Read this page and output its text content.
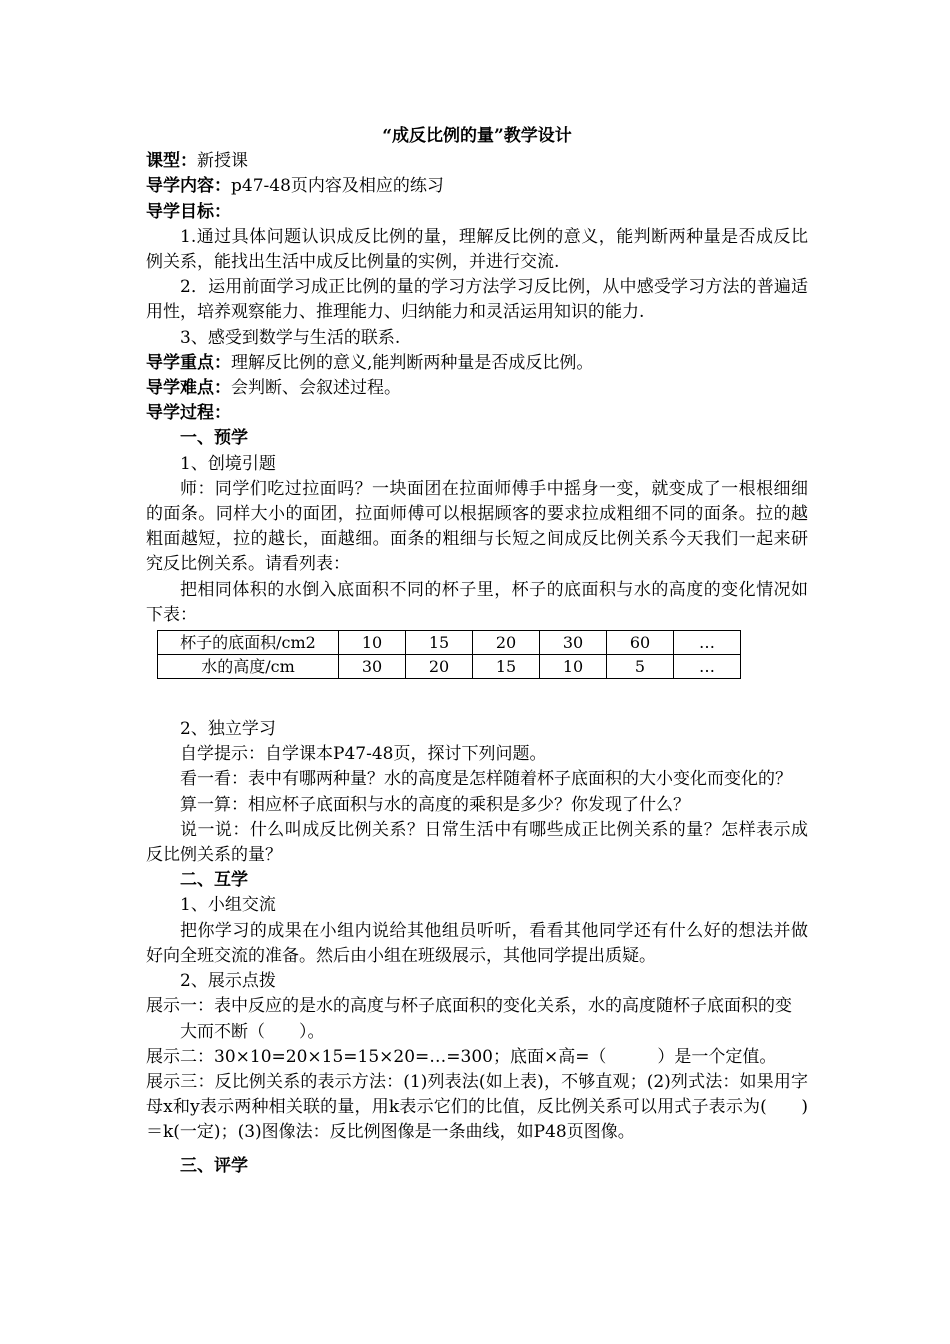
“成反比例的量”教学设计
课型：新授课
导学内容：p47-48页内容及相应的练习
导学目标：
1.通过具体问题认识成反比例的量，理解反比例的意义，能判断两种量是否成反比例关系，能找出生活中成反比例量的实例，并进行交流.
2．运用前面学习成正比例的量的学习方法学习反比例，从中感受学习方法的普遍适用性，培养观察能力、推理能力、归纳能力和灵活运用知识的能力.
3、感受到数学与生活的联系.
导学重点：理解反比例的意义,能判断两种量是否成反比例。
导学难点：会判断、会叙述过程。
导学过程：
一、预学
1、创境引题
师：同学们吃过拉面吗？一块面团在拉面师傅手中摇身一变，就变成了一根根细细的面条。同样大小的面团，拉面师傅可以根据顾客的要求拉成粗细不同的面条。拉的越粗面越短，拉的越长，面越细。面条的粗细与长短之间成反比例关系今天我们一起来研究反比例关系。请看列表：
把相同体积的水倒入底面积不同的杯子里，杯子的底面积与水的高度的变化情况如下表：
杯子的底面积/cm2	10	15	20	30	60	…
水的高度/cm	30	20	15	10	5	…
2、独立学习
自学提示：自学课本P47-48页，探讨下列问题。
看一看：表中有哪两种量？水的高度是怎样随着杯子底面积的大小变化而变化的？
算一算：相应杯子底面积与水的高度的乘积是多少？你发现了什么？
说一说：什么叫成反比例关系？日常生活中有哪些成正比例关系的量？怎样表示成反比例关系的量？
二、互学
1、小组交流
把你学习的成果在小组内说给其他组员听听，看看其他同学还有什么好的想法并做好向全班交流的准备。然后由小组在班级展示，其他同学提出质疑。
2、展示点拨
展示一：表中反应的是水的高度与杯子底面积的变化关系，水的高度随杯子底面积的变大而不断（　　）。
展示二：30×10=20×15=15×20=…=300；底面×高=（　　　）是一个定值。
展示三：反比例关系的表示方法：(1)列表法(如上表)，不够直观；(2)列式法：如果用字母x和y表示两种相关联的量，用k表示它们的比值，反比例关系可以用式子表示为(　　)＝k(一定)；(3)图像法：反比例图像是一条曲线，如P48页图像。
三、评学
